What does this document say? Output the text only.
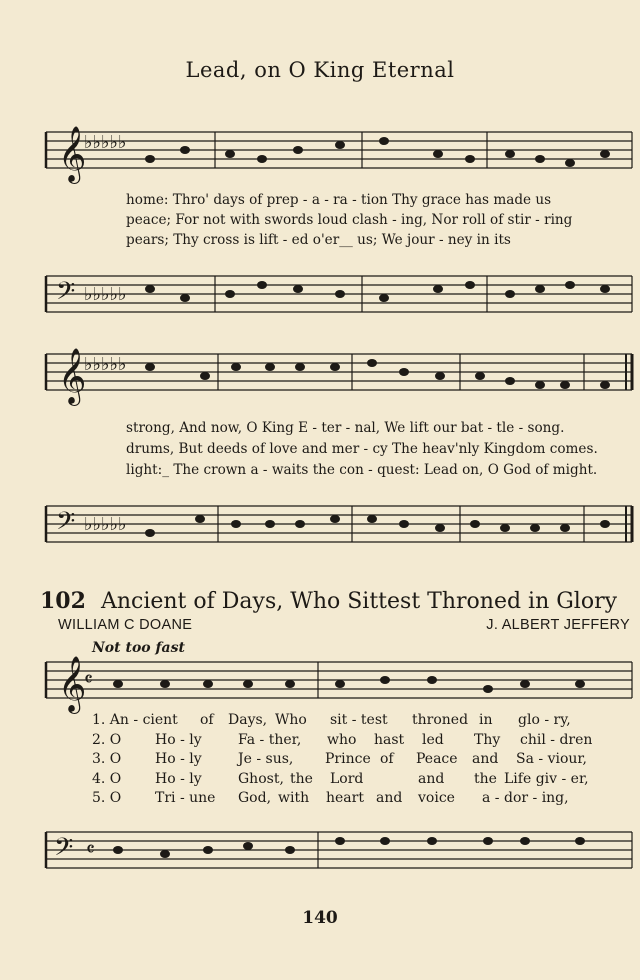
Lead, on O King Eternal
𝄞
♭♭♭♭♭
home: Thro' days of prep - a - ra - tion Thy grace has made us
peace; For not with swords loud clash - ing, Nor roll of stir - ring
pears; Thy cross is lift - ed o'er__ us; We jour - ney in its
𝄢 ♭♭♭♭♭
𝄞
♭♭♭♭♭
strong, And now, O King E - ter - nal, We lift our bat - tle - song.
drums, But deeds of love and mer - cy The heav'nly Kingdom comes.
light:_ The crown a - waits the con - quest: Lead on, O God of might.
𝄢 ♭♭♭♭♭
102 Ancient of Days, Who Sittest Throned in Glory
WILLIAM C DOANE	J. ALBERT JEFFERY
Not too fast
𝄞
𝄴
1. An - cient of Days, Who sit - test throned in glo - ry,
2. O Ho - ly	Fa - ther, who hast led Thy chil - dren
3. O Ho - ly	Je - sus, Prince of Peace and Sa - viour,
4. O Ho - ly	Ghost, the Lord	and the Life giv - er,
5. O Tri - une God, with heart and voice a - dor - ing,
𝄢 𝄴
140
